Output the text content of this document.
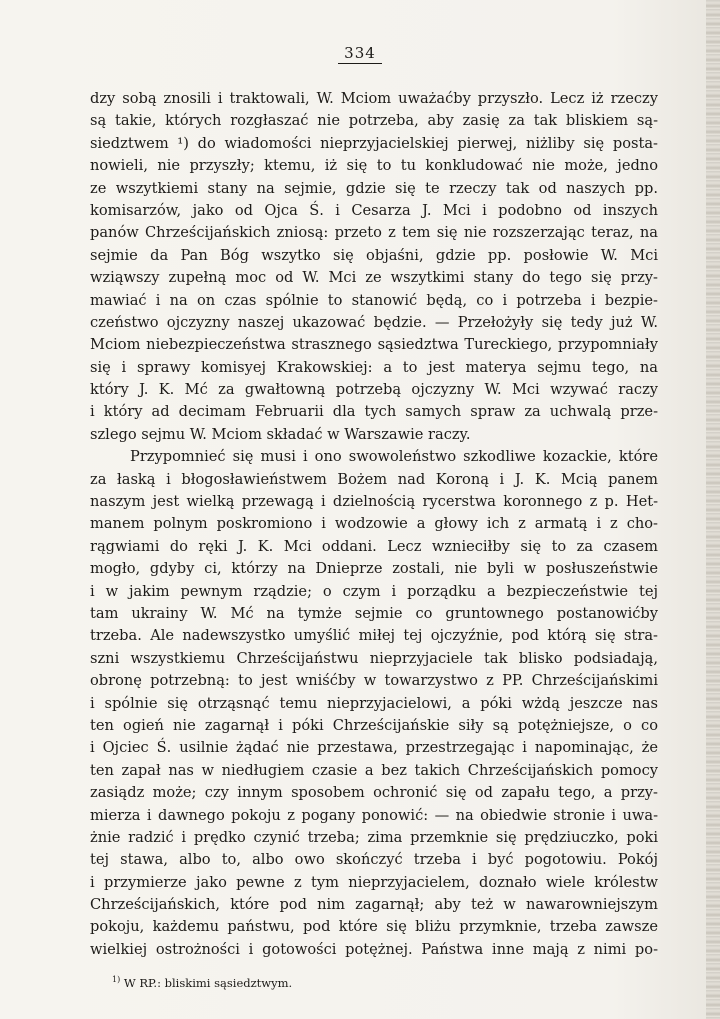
334
dzy sobą znosili i traktowali, W. Mciom uważaćby przyszło. Lecz iż rzeczy
są takie, których rozgłaszać nie potrzeba, aby zasię za tak bliskiem są-
siedztwem ¹) do wiadomości nieprzyjacielskiej pierwej, niżliby się posta-
nowieli, nie przyszły; ktemu, iż się to tu konkludować nie może, jedno
ze wszytkiemi stany na sejmie, gdzie się te rzeczy tak od naszych pp.
komisarzów, jako od Ojca Ś. i Cesarza J. Mci i podobno od inszych
panów Chrześcijańskich zniosą: przeto z tem się nie rozszerzając teraz, na
sejmie da Pan Bóg wszytko się objaśni, gdzie pp. posłowie W. Mci
wziąwszy zupełną moc od W. Mci ze wszytkimi stany do tego się przy-
mawiać i na on czas spólnie to stanowić będą, co i potrzeba i bezpie-
czeństwo ojczyzny naszej ukazować będzie. — Przełożyły się tedy już W.
Mciom niebezpieczeństwa strasznego sąsiedztwa Tureckiego, przypomniały
się i sprawy komisyej Krakowskiej: a to jest materya sejmu tego, na
który J. K. Mć za gwałtowną potrzebą ojczyzny W. Mci wzywać raczy
i który ad decimam Februarii dla tych samych spraw za uchwalą prze-
szlego sejmu W. Mciom składać w Warszawie raczy.
Przypomnieć się musi i ono swowoleństwo szkodliwe kozackie, które
za łaską i błogosławieństwem Bożem nad Koroną i J. K. Mcią panem
naszym jest wielką przewagą i dzielnością rycerstwa koronnego z p. Het-
manem polnym poskromiono i wodzowie a głowy ich z armatą i z cho-
rągwiami do ręki J. K. Mci oddani. Lecz wznieciłby się to za czasem
mogło, gdyby ci, którzy na Dnieprze zostali, nie byli w posłuszeństwie
i w jakim pewnym rządzie; o czym i porządku a bezpieczeństwie tej
tam ukrainy W. Mć na tymże sejmie co gruntownego postanowićby
trzeba. Ale nadewszystko umyślić miłej tej ojczyźnie, pod którą się stra-
szni wszystkiemu Chrześcijaństwu nieprzyjaciele tak blisko podsiadają,
obronę potrzebną: to jest wniśćby w towarzystwo z PP. Chrześcijańskimi
i spólnie się otrząsnąć temu nieprzyjacielowi, a póki wżdą jeszcze nas
ten ogień nie zagarnął i póki Chrześcijańskie siły są potężniejsze, o co
i Ojciec Ś. usilnie żądać nie przestawa, przestrzegając i napominając, że
ten zapał nas w niedługiem czasie a bez takich Chrześcijańskich pomocy
zasiądz może; czy innym sposobem ochronić się od zapału tego, a przy-
mierza i dawnego pokoju z pogany ponowić: — na obiedwie stronie i uwa-
żnie radzić i prędko czynić trzeba; zima przemknie się prędziuczko, poki
tej stawa, albo to, albo owo skończyć trzeba i być pogotowiu. Pokój
i przymierze jako pewne z tym nieprzyjacielem, doznało wiele królestw
Chrześcijańskich, które pod nim zagarnął; aby też w nawarowniejszym
pokoju, każdemu państwu, pod które się bliżu przymknie, trzeba zawsze
wielkiej ostrożności i gotowości potężnej. Państwa inne mają z nimi po-
$^{1)}$ W RP.: bliskimi sąsiedztwym.
